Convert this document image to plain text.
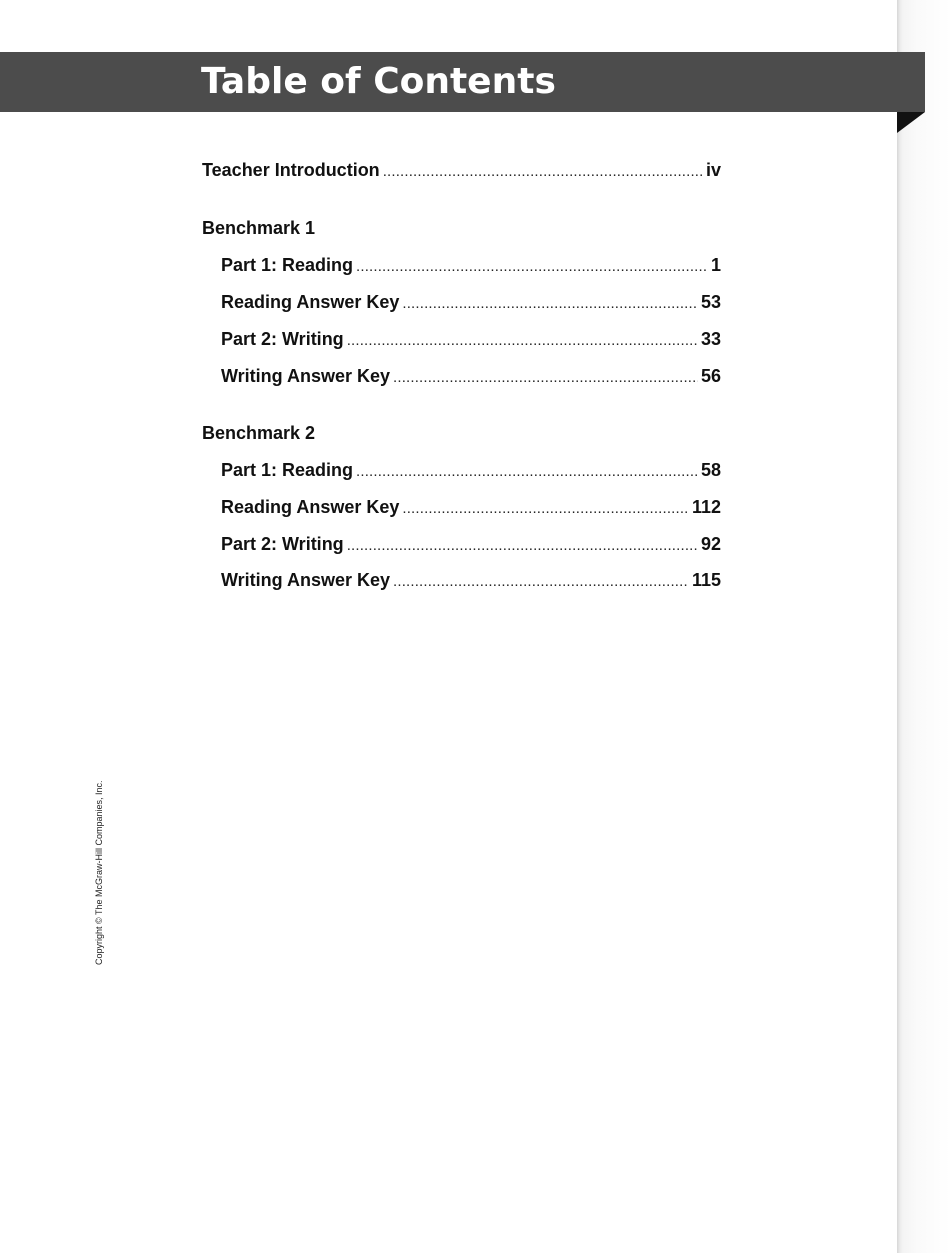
Table of Contents
Teacher Introduction . . .	iv
Benchmark 1
Part 1: Reading . . .	1
Reading Answer Key . . .	53
Part 2: Writing . . .	33
Writing Answer Key . . .	56
Benchmark 2
Part 1: Reading . . .	58
Reading Answer Key . . .	112
Part 2: Writing . . .	92
Writing Answer Key . . .	115
Copyright © The McGraw-Hill Companies, Inc.
